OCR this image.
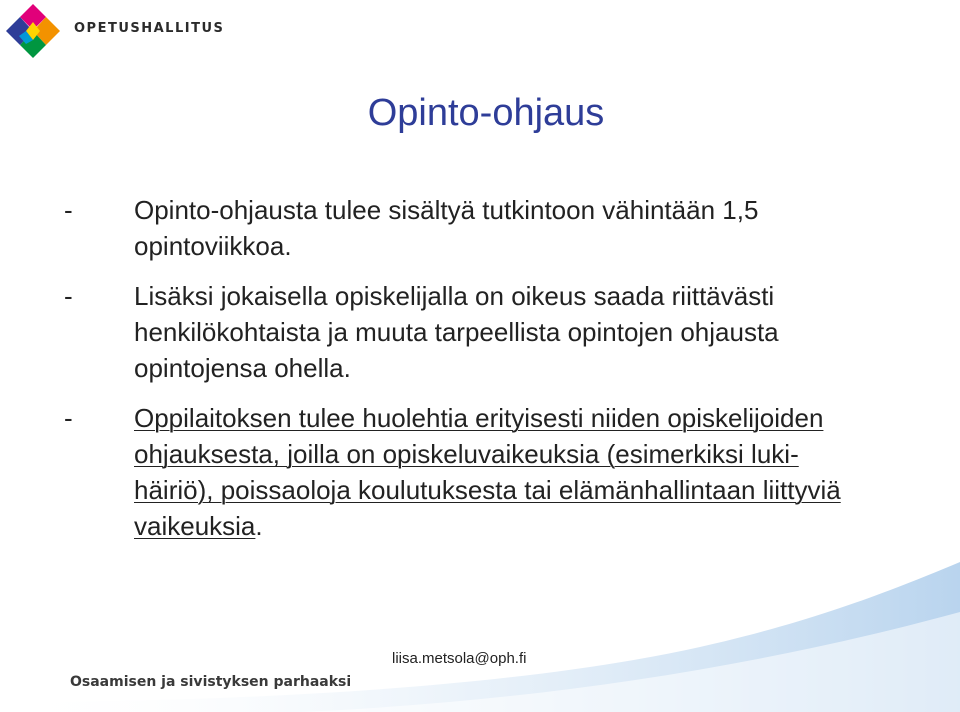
OPETUSHALLITUS
Opinto-ohjaus
- Opinto-ohjausta tulee sisältyä tutkintoon vähintään 1,5 opintoviikkoa.
- Lisäksi jokaisella opiskelijalla on oikeus saada riittävästi henkilökohtaista ja muuta tarpeellista opintojen ohjausta opintojensa ohella.
- Oppilaitoksen tulee huolehtia erityisesti niiden opiskelijoiden ohjauksesta, joilla on opiskeluvaikeuksia (esimerkiksi luki-häiriö), poissaoloja koulutuksesta tai elämänhallintaan liittyviä vaikeuksia.
liisa.metsola@oph.fi
Osaamisen ja sivistyksen parhaaksi
